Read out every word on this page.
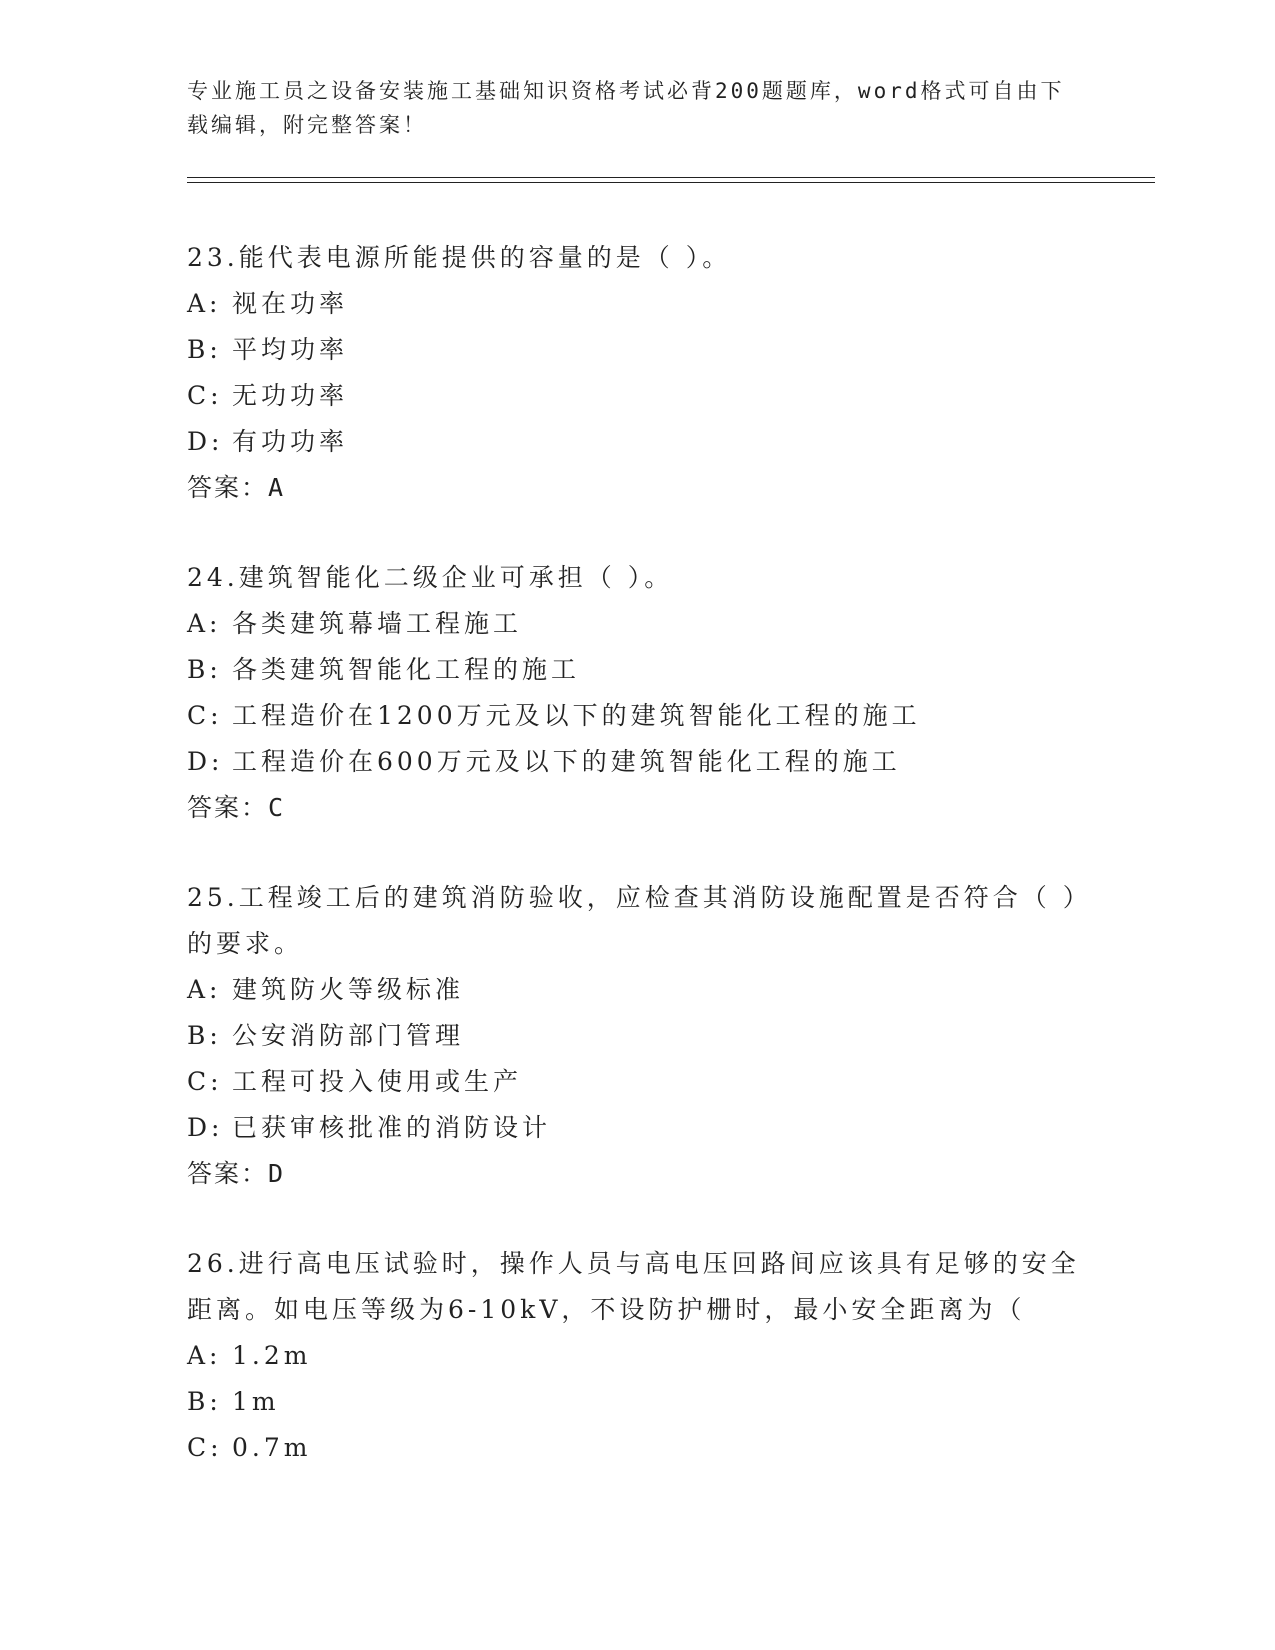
专业施工员之设备安装施工基础知识资格考试必背200题题库，word格式可自由下载编辑，附完整答案！
23.能代表电源所能提供的容量的是（ ）。
A: 视在功率
B: 平均功率
C: 无功功率
D: 有功功率
答案：A
24.建筑智能化二级企业可承担（ ）。
A: 各类建筑幕墙工程施工
B: 各类建筑智能化工程的施工
C: 工程造价在1200万元及以下的建筑智能化工程的施工
D: 工程造价在600万元及以下的建筑智能化工程的施工
答案：C
25.工程竣工后的建筑消防验收，应检查其消防设施配置是否符合（ ）的要求。
A: 建筑防火等级标准
B: 公安消防部门管理
C: 工程可投入使用或生产
D: 已获审核批准的消防设计
答案：D
26.进行高电压试验时，操作人员与高电压回路间应该具有足够的安全距离。如电压等级为6-10kV，不设防护栅时，最小安全距离为（
A: 1.2m
B: 1m
C: 0.7m
